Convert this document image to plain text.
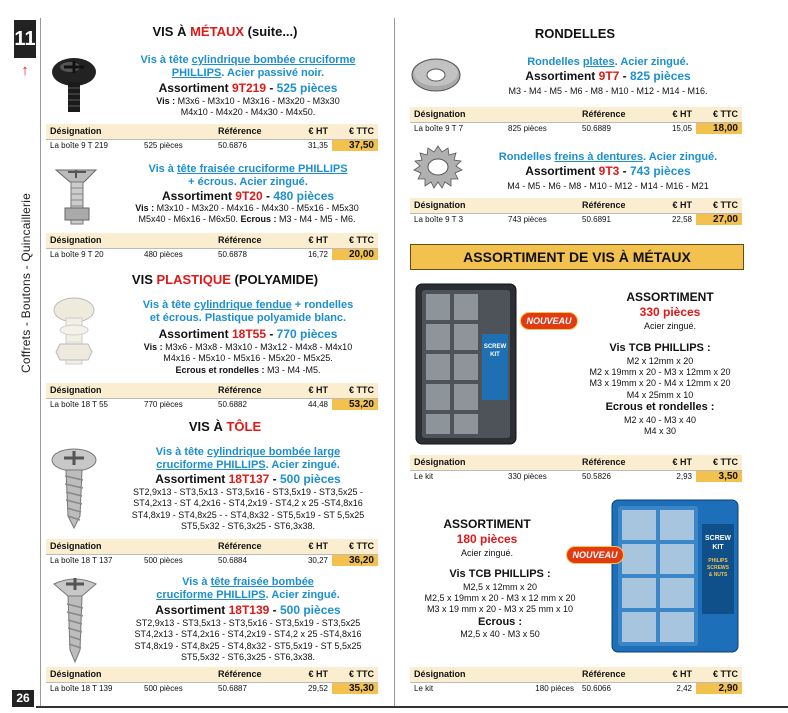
11
↑
Coffrets - Boutons - Quincaillerie
26
VIS À MÉTAUX (suite...)
Vis à tête cylindrique bombée cruciforme
PHILLIPS. Acier passivé noir.
Assortiment 9T219 - 525 pièces
Vis : M3x6 - M3x10 - M3x16 - M3x20 - M3x30
M4x10 - M4x20 - M4x30 - M4x50.
Désignation		Référence	€ HT	€ TTC
La boîte 9 T 219	525 pièces	50.6876	31,35	37,50
Vis à tête fraisée cruciforme PHILLIPS
+ écrous. Acier zingué.
Assortiment 9T20 - 480 pièces
Vis : M3x10 - M3x20 - M4x16 - M4x30 - M5x16 - M5x30
M5x40 - M6x16 - M6x50. Ecrous : M3 - M4 - M5 - M6.
Désignation		Référence	€ HT	€ TTC
La boîte 9 T 20	480 pièces	50.6878	16,72	20,00
VIS PLASTIQUE (POLYAMIDE)
Vis à tête cylindrique fendue + rondelles
et écrous. Plastique polyamide blanc.
Assortiment 18T55 - 770 pièces
Vis : M3x6 - M3x8 - M3x10 - M3x12 - M4x8 - M4x10
M4x16 - M5x10 - M5x16 - M5x20 - M5x25.
Ecrous et rondelles : M3 - M4 -M5.
Désignation		Référence	€ HT	€ TTC
La boîte 18 T 55	770 pièces	50.6882	44,48	53,20
VIS À TÔLE
Vis à tête cylindrique bombée large
cruciforme PHILLIPS. Acier zingué.
Assortiment 18T137 - 500 pièces
ST2,9x13 - ST3,5x13 - ST3,5x16 - ST3,5x19 - ST3,5x25 -
ST4,2x13 - ST 4,2x16 - ST4,2x19 - ST4,2 x 25 -ST4,8x16
ST4,8x19 - ST4,8x25 - - ST4,8x32 - ST5,5x19 - ST 5,5x25
ST5,5x32 - ST6,3x25 - ST6,3x38.
Désignation		Référence	€ HT	€ TTC
La boîte 18 T 137	500 pièces	50.6884	30,27	36,20
Vis à tête fraisée bombée
cruciforme PHILLIPS. Acier zingué.
Assortiment 18T139 - 500 pièces
ST2,9x13 - ST3,5x13 - ST3,5x16 - ST3,5x19 - ST3,5x25
ST4,2x13 - ST4,2x16 - ST4,2x19 - ST4,2 x 25 -ST4,8x16
ST4,8x19 - ST4,8x25 - ST4,8x32 - ST5,5x19 - ST 5,5x25
ST5,5x32 - ST6,3x25 - ST6,3x38.
Désignation		Référence	€ HT	€ TTC
La boîte 18 T 139	500 pièces	50.6887	29,52	35,30
RONDELLES
Rondelles plates. Acier zingué.
Assortiment 9T7 - 825 pièces
M3 - M4 - M5 - M6 - M8 - M10 - M12 - M14 - M16.
Désignation		Référence	€ HT	€ TTC
La boîte 9 T 7	825 pièces	50.6889	15,05	18,00
Rondelles freins à dentures. Acier zingué.
Assortiment 9T3 - 743 pièces
M4 - M5 - M6 - M8 - M10 - M12 - M14 - M16 - M21
Désignation		Référence	€ HT	€ TTC
La boîte 9 T 3	743 pièces	50.6891	22,58	27,00
ASSORTIMENT DE VIS À MÉTAUX
SCREW
KIT
NOUVEAU
ASSORTIMENT
330 pièces
Acier zingué.
Vis TCB PHILLIPS :
M2 x 12mm x 20
M2 x 19mm x 20 - M3 x 12mm x 20
M3 x 19mm x 20 - M4 x 12mm x 20
M4 x 25mm x 10
Ecrous et rondelles :
M2 x 40 - M3 x 40
M4 x 30
Désignation		Référence	€ HT	€ TTC
Le kit	330 pièces	50.5826	2,93	3,50
ASSORTIMENT
180 pièces
Acier zingué.
Vis TCB PHILLIPS :
M2,5 x 12mm x 20
M2,5 x 19mm x 20 - M3 x 12 mm x 20
M3 x 19 mm x 20 - M3 x 25 mm x 10
Ecrous :
M2,5 x 40 - M3 x 50
SCREW
KIT
PHILIPS
SCREWS
& NUTS
NOUVEAU
Désignation		Référence	€ HT	€ TTC
Le kit	180 pièces	50.6066	2,42	2,90
